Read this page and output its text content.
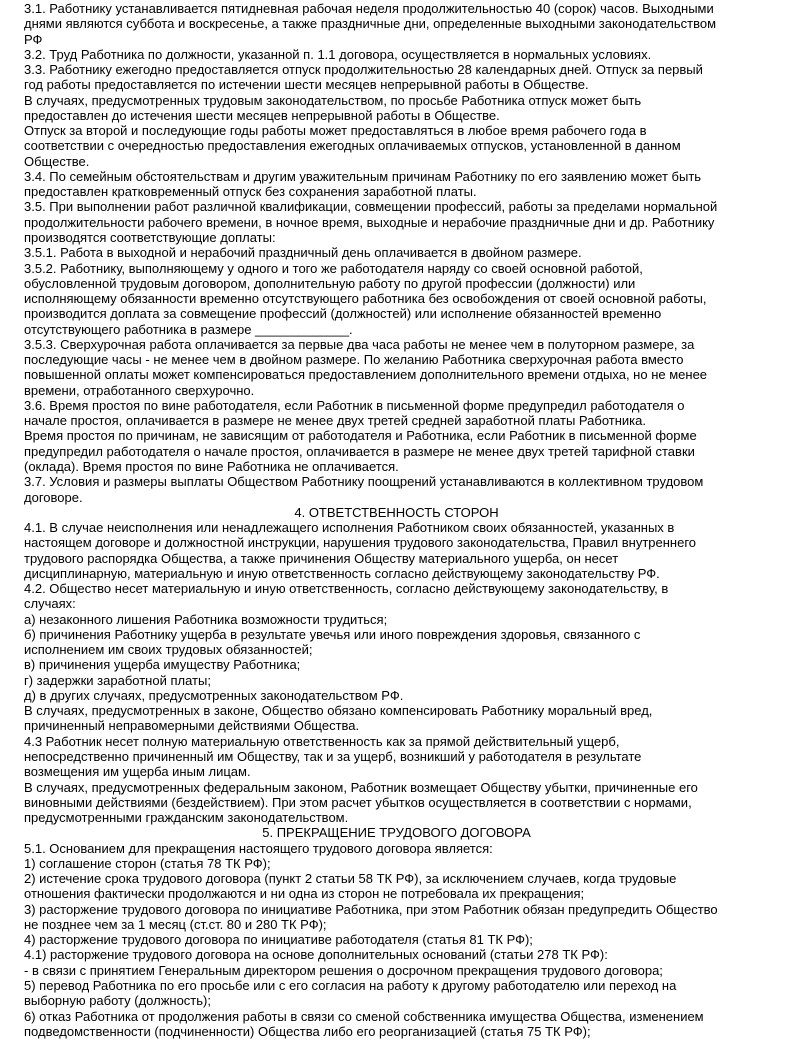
3.1. Работнику устанавливается пятидневная рабочая неделя продолжительностью 40 (сорок) часов. Выходными
днями являются суббота и воскресенье, а также праздничные дни, определенные выходными законодательством
РФ
3.2. Труд Работника по должности, указанной п. 1.1 договора, осуществляется в нормальных условиях.
3.3. Работнику ежегодно предоставляется отпуск продолжительностью 28 календарных дней. Отпуск за первый
год работы предоставляется по истечении шести месяцев непрерывной работы в Обществе.
В случаях, предусмотренных трудовым законодательством, по просьбе Работника отпуск может быть
предоставлен до истечения шести месяцев непрерывной работы в Обществе.
Отпуск за второй и последующие годы работы может предоставляться в любое время рабочего года в
соответствии с очередностью предоставления ежегодных оплачиваемых отпусков, установленной в данном
Обществе.
3.4. По семейным обстоятельствам и другим уважительным причинам Работнику по его заявлению может быть
предоставлен кратковременный отпуск без сохранения заработной платы.
3.5. При выполнении работ различной квалификации, совмещении профессий, работы за пределами нормальной
продолжительности рабочего времени, в ночное время, выходные и нерабочие праздничные дни и др. Работнику
производятся соответствующие доплаты:
3.5.1. Работа в выходной и нерабочий праздничный день оплачивается в двойном размере.
3.5.2. Работнику, выполняющему у одного и того же работодателя наряду со своей основной работой,
обусловленной трудовым договором, дополнительную работу по другой профессии (должности) или
исполняющему обязанности временно отсутствующего работника без освобождения от своей основной работы,
производится доплата за совмещение профессий (должностей) или исполнение обязанностей временно
отсутствующего работника в размере _____________.
3.5.3. Сверхурочная работа оплачивается за первые два часа работы не менее чем в полуторном размере, за
последующие часы - не менее чем в двойном размере. По желанию Работника сверхурочная работа вместо
повышенной оплаты может компенсироваться предоставлением дополнительного времени отдыха, но не менее
времени, отработанного сверхурочно.
3.6. Время простоя по вине работодателя, если Работник в письменной форме предупредил работодателя о
начале простоя, оплачивается в размере не менее двух третей средней заработной платы Работника.
Время простоя по причинам, не зависящим от работодателя и Работника, если Работник в письменной форме
предупредил работодателя о начале простоя, оплачивается в размере не менее двух третей тарифной ставки
(оклада). Время простоя по вине Работника не оплачивается.
3.7. Условия и размеры выплаты Обществом Работнику поощрений устанавливаются в коллективном трудовом
договоре.
4. ОТВЕТСТВЕННОСТЬ СТОРОН
4.1. В случае неисполнения или ненадлежащего исполнения Работником своих обязанностей, указанных в
настоящем договоре и должностной инструкции, нарушения трудового законодательства, Правил внутреннего
трудового распорядка Общества, а также причинения Обществу материального ущерба, он несет
дисциплинарную, материальную и иную ответственность согласно действующему законодательству РФ.
4.2. Общество несет материальную и иную ответственность, согласно действующему законодательству, в
случаях:
а) незаконного лишения Работника возможности трудиться;
б) причинения Работнику ущерба в результате увечья или иного повреждения здоровья, связанного с
исполнением им своих трудовых обязанностей;
в) причинения ущерба имуществу Работника;
г) задержки заработной платы;
д) в других случаях, предусмотренных законодательством РФ.
В случаях, предусмотренных в законе, Общество обязано компенсировать Работнику моральный вред,
причиненный неправомерными действиями Общества.
4.3 Работник несет полную материальную ответственность как за прямой действительный ущерб,
непосредственно причиненный им Обществу, так и за ущерб, возникший у работодателя в результате
возмещения им ущерба иным лицам.
В случаях, предусмотренных федеральным законом, Работник возмещает Обществу убытки, причиненные его
виновными действиями (бездействием). При этом расчет убытков осуществляется в соответствии с нормами,
предусмотренными гражданским законодательством.
5. ПРЕКРАЩЕНИЕ ТРУДОВОГО ДОГОВОРА
5.1. Основанием для прекращения настоящего трудового договора является:
1) соглашение сторон (статья 78 ТК РФ);
2) истечение срока трудового договора (пункт 2 статьи 58 ТК РФ), за исключением случаев, когда трудовые
отношения фактически продолжаются и ни одна из сторон не потребовала их прекращения;
3) расторжение трудового договора по инициативе Работника, при этом Работник обязан предупредить Общество
не позднее чем за 1 месяц (ст.ст. 80 и 280 ТК РФ);
4) расторжение трудового договора по инициативе работодателя (статья 81 ТК РФ);
4.1) расторжение трудового договора на основе дополнительных оснований (статьи 278 ТК РФ):
- в связи с принятием Генеральным директором решения о досрочном прекращения трудового договора;
5) перевод Работника по его просьбе или с его согласия на работу к другому работодателю или переход на
выборную работу (должность);
6) отказ Работника от продолжения работы в связи со сменой собственника имущества Общества, изменением
подведомственности (подчиненности) Общества либо его реорганизацией (статья 75 ТК РФ);
